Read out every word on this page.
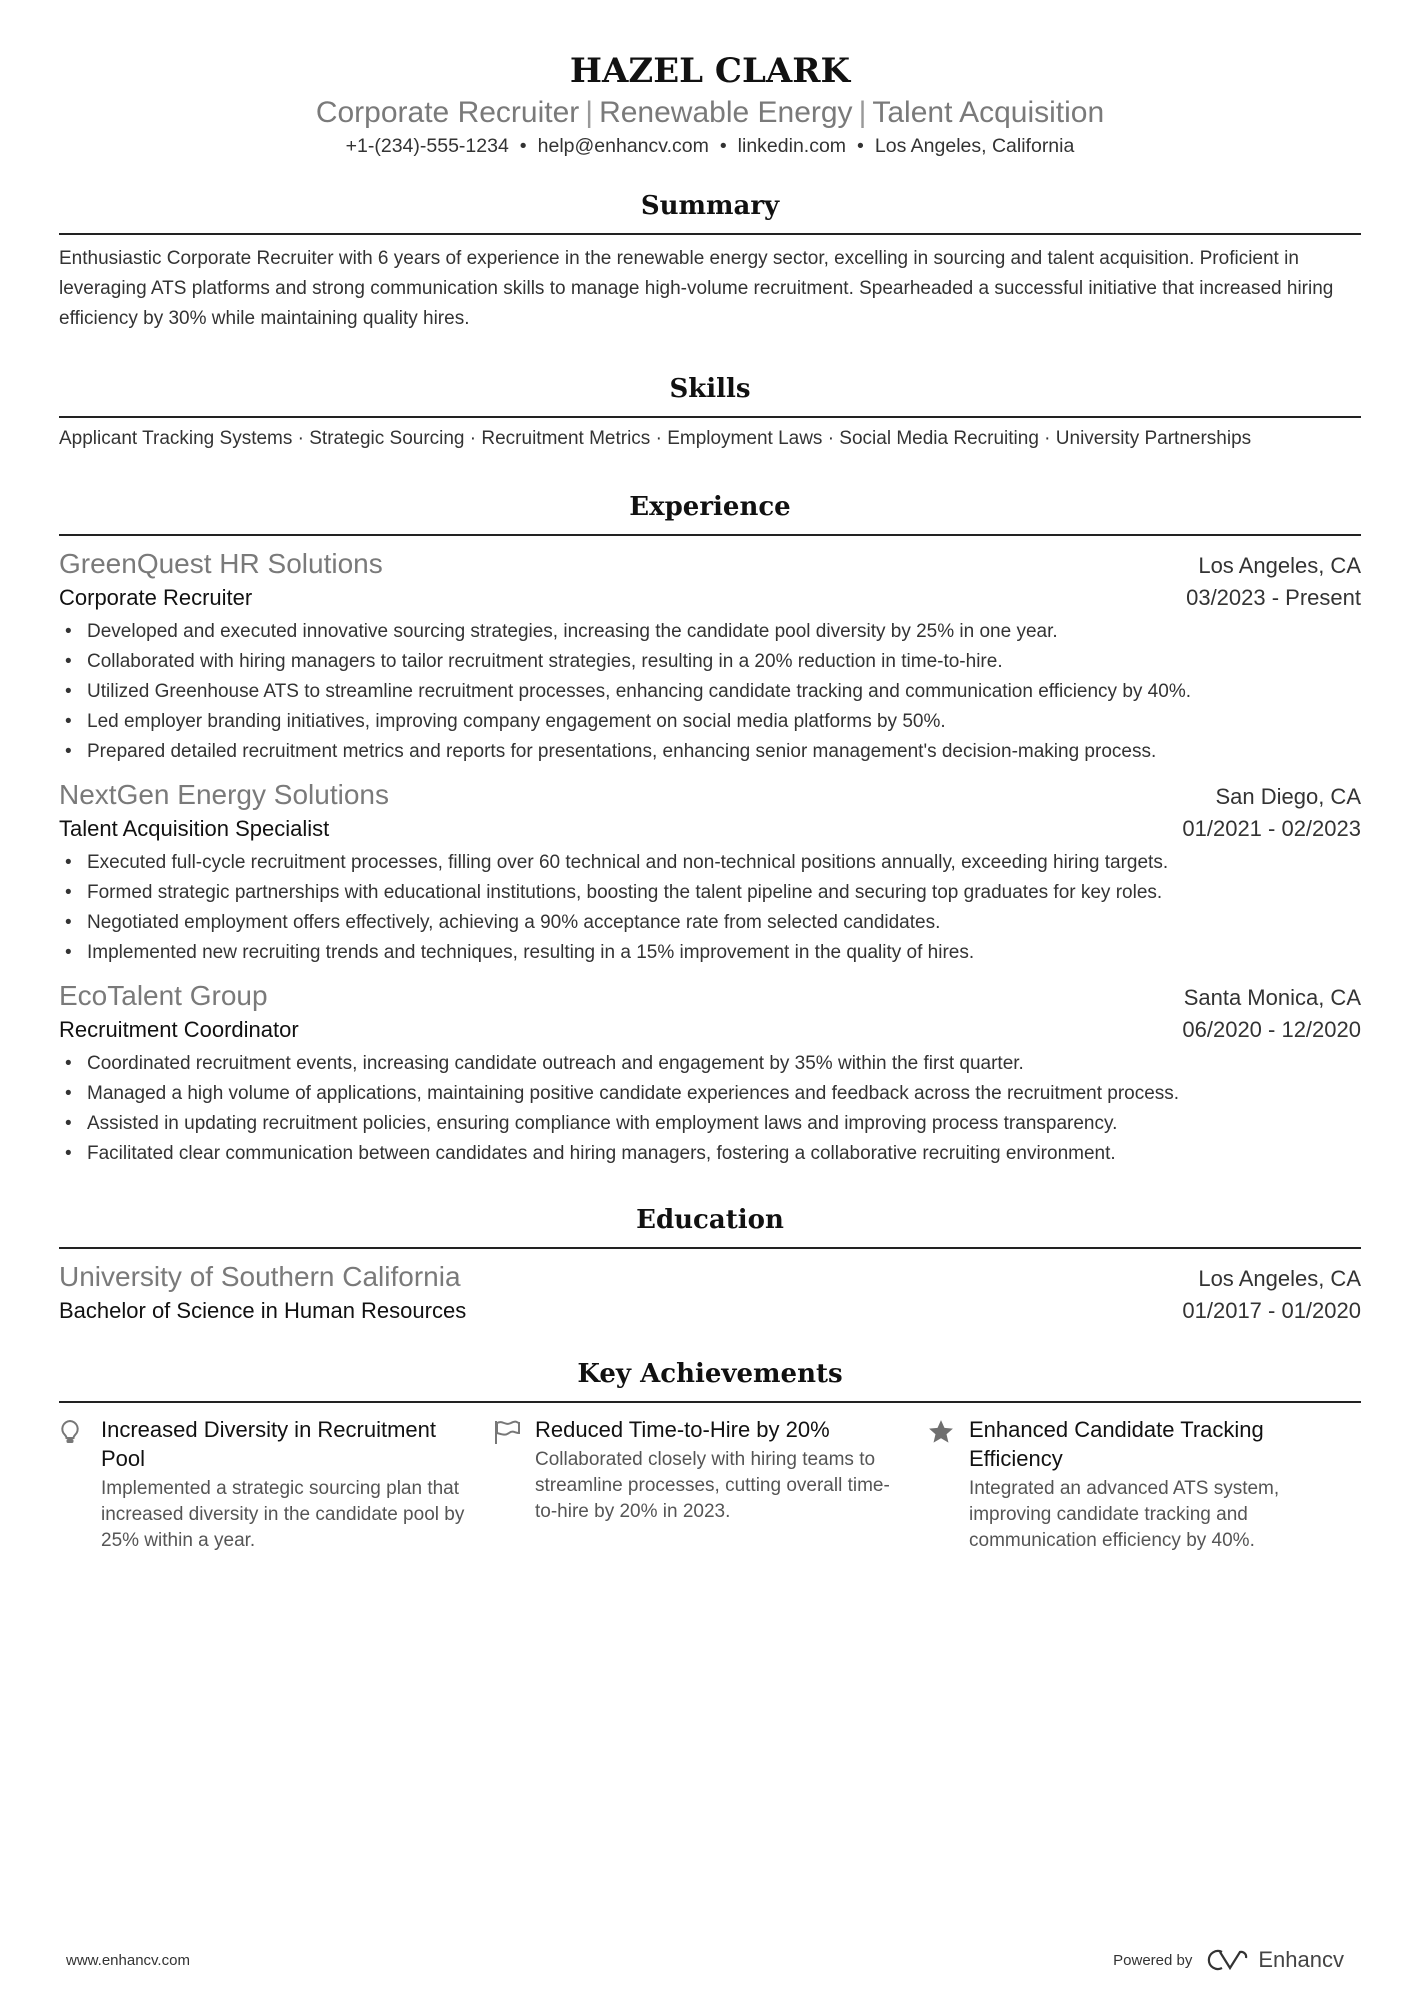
HAZEL CLARK
Corporate Recruiter | Renewable Energy | Talent Acquisition
+1-(234)-555-1234 • help@enhancv.com • linkedin.com • Los Angeles, California
Summary
Enthusiastic Corporate Recruiter with 6 years of experience in the renewable energy sector, excelling in sourcing and talent acquisition. Proficient in leveraging ATS platforms and strong communication skills to manage high-volume recruitment. Spearheaded a successful initiative that increased hiring efficiency by 30% while maintaining quality hires.
Skills
Applicant Tracking Systems · Strategic Sourcing · Recruitment Metrics · Employment Laws · Social Media Recruiting · University Partnerships
Experience
GreenQuest HR Solutions	Los Angeles, CA
Corporate Recruiter	03/2023 - Present
• Developed and executed innovative sourcing strategies, increasing the candidate pool diversity by 25% in one year.
• Collaborated with hiring managers to tailor recruitment strategies, resulting in a 20% reduction in time-to-hire.
• Utilized Greenhouse ATS to streamline recruitment processes, enhancing candidate tracking and communication efficiency by 40%.
• Led employer branding initiatives, improving company engagement on social media platforms by 50%.
• Prepared detailed recruitment metrics and reports for presentations, enhancing senior management's decision-making process.
NextGen Energy Solutions	San Diego, CA
Talent Acquisition Specialist	01/2021 - 02/2023
• Executed full-cycle recruitment processes, filling over 60 technical and non-technical positions annually, exceeding hiring targets.
• Formed strategic partnerships with educational institutions, boosting the talent pipeline and securing top graduates for key roles.
• Negotiated employment offers effectively, achieving a 90% acceptance rate from selected candidates.
• Implemented new recruiting trends and techniques, resulting in a 15% improvement in the quality of hires.
EcoTalent Group	Santa Monica, CA
Recruitment Coordinator	06/2020 - 12/2020
• Coordinated recruitment events, increasing candidate outreach and engagement by 35% within the first quarter.
• Managed a high volume of applications, maintaining positive candidate experiences and feedback across the recruitment process.
• Assisted in updating recruitment policies, ensuring compliance with employment laws and improving process transparency.
• Facilitated clear communication between candidates and hiring managers, fostering a collaborative recruiting environment.
Education
University of Southern California	Los Angeles, CA
Bachelor of Science in Human Resources	01/2017 - 01/2020
Key Achievements
Increased Diversity in Recruitment Pool
Implemented a strategic sourcing plan that increased diversity in the candidate pool by 25% within a year.
Reduced Time-to-Hire by 20%
Collaborated closely with hiring teams to streamline processes, cutting overall time-to-hire by 20% in 2023.
Enhanced Candidate Tracking Efficiency
Integrated an advanced ATS system, improving candidate tracking and communication efficiency by 40%.
www.enhancv.com	Powered by	Enhancv
